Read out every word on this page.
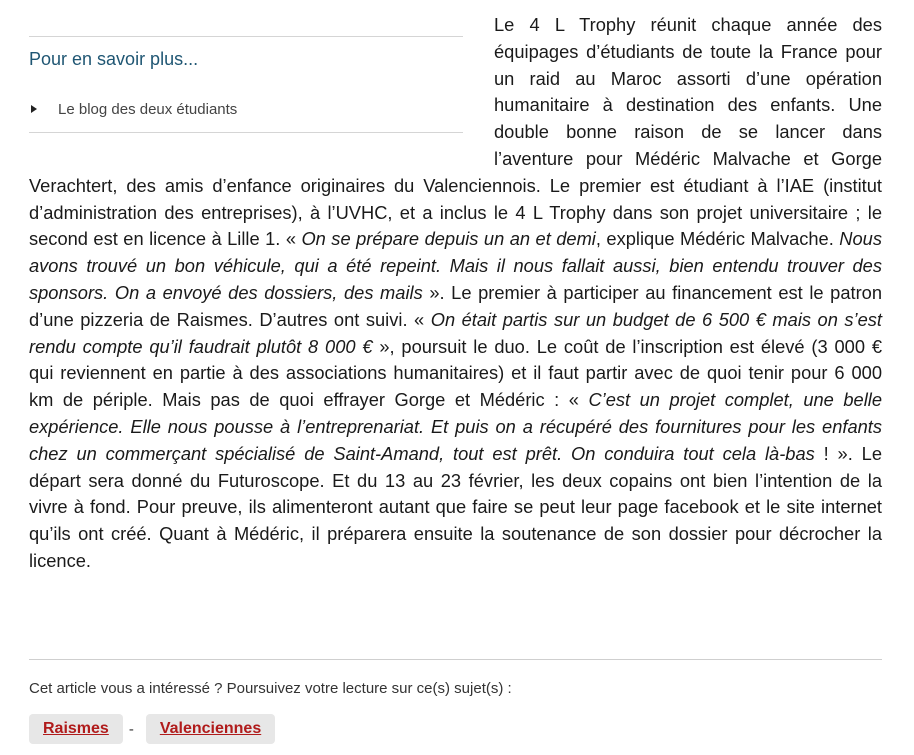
Pour en savoir plus...
Le blog des deux étudiants

Le 4 L Trophy réunit chaque année des équipages d’étudiants de toute la France pour un raid au Maroc assorti d’une opération humanitaire à destination des enfants. Une double bonne raison de se lancer dans l’aventure pour Médéric Malvache et Gorge Verachtert, des amis d’enfance originaires du Valenciennois. Le premier est étudiant à l’IAE (institut d’administration des entreprises), à l’UVHC, et a inclus le 4 L Trophy dans son projet universitaire ; le second est en licence à Lille 1. « On se prépare depuis un an et demi, explique Médéric Malvache. Nous avons trouvé un bon véhicule, qui a été repeint. Mais il nous fallait aussi, bien entendu trouver des sponsors. On a envoyé des dossiers, des mails ». Le premier à participer au financement est le patron d’une pizzeria de Raismes. D’autres ont suivi. « On était partis sur un budget de 6 500 € mais on s’est rendu compte qu’il faudrait plutôt 8 000 € », poursuit le duo. Le coût de l’inscription est élevé (3 000 € qui reviennent en partie à des associations humanitaires) et il faut partir avec de quoi tenir pour 6 000 km de périple. Mais pas de quoi effrayer Gorge et Médéric : « C’est un projet complet, une belle expérience. Elle nous pousse à l’entreprenariat. Et puis on a récupéré des fournitures pour les enfants chez un commerçant spécialisé de Saint-Amand, tout est prêt. On conduira tout cela là-bas ! ». Le départ sera donné du Futuroscope. Et du 13 au 23 février, les deux copains ont bien l’intention de la vivre à fond. Pour preuve, ils alimenteront autant que faire se peut leur page facebook et le site internet qu’ils ont créé. Quant à Médéric, il préparera ensuite la soutenance de son dossier pour décrocher la licence.

Cet article vous a intéressé ? Poursuivez votre lecture sur ce(s) sujet(s) :
Raismes	-	Valenciennes
